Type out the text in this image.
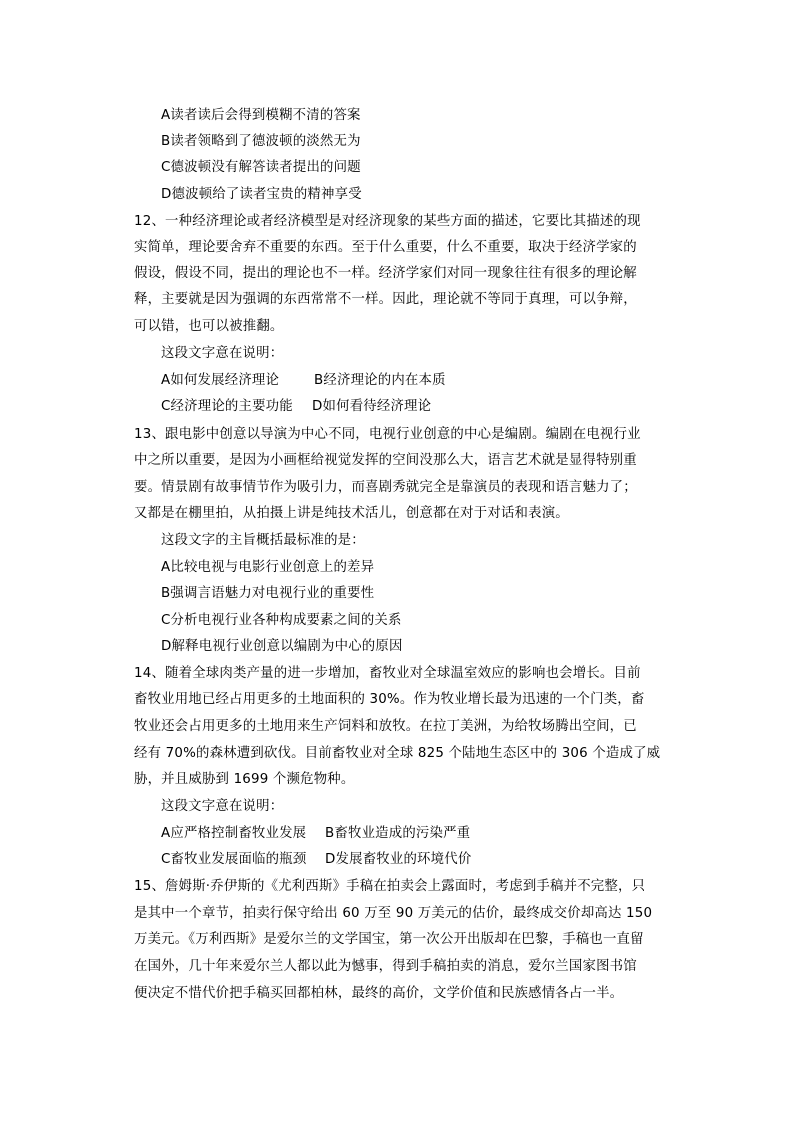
A读者读后会得到模糊不清的答案
B读者领略到了德波顿的淡然无为
C德波顿没有解答读者提出的问题
D德波顿给了读者宝贵的精神享受
12、一种经济理论或者经济模型是对经济现象的某些方面的描述，它要比其描述的现
实简单，理论要舍弃不重要的东西。至于什么重要，什么不重要，取决于经济学家的
假设，假设不同，提出的理论也不一样。经济学家们对同一现象往往有很多的理论解
释，主要就是因为强调的东西常常不一样。因此，理论就不等同于真理，可以争辩，
可以错，也可以被推翻。
这段文字意在说明：
A如何发展经济理论	B经济理论的内在本质
C经济理论的主要功能 D如何看待经济理论
13、跟电影中创意以导演为中心不同，电视行业创意的中心是编剧。编剧在电视行业
中之所以重要，是因为小画框给视觉发挥的空间没那么大，语言艺术就是显得特别重
要。情景剧有故事情节作为吸引力，而喜剧秀就完全是靠演员的表现和语言魅力了；
又都是在棚里拍，从拍摄上讲是纯技术活儿，创意都在对于对话和表演。
这段文字的主旨概括最标准的是：
A比较电视与电影行业创意上的差异
B强调言语魅力对电视行业的重要性
C分析电视行业各种构成要素之间的关系
D解释电视行业创意以编剧为中心的原因
14、随着全球肉类产量的进一步增加，畜牧业对全球温室效应的影响也会增长。目前
畜牧业用地已经占用更多的土地面积的 30%。作为牧业增长最为迅速的一个门类，畜
牧业还会占用更多的土地用来生产饲料和放牧。在拉丁美洲，为给牧场腾出空间，已
经有 70%的森林遭到砍伐。目前畜牧业对全球 825 个陆地生态区中的 306 个造成了威
胁，并且威胁到 1699 个濒危物种。
这段文字意在说明：
A应严格控制畜牧业发展 B畜牧业造成的污染严重
C畜牧业发展面临的瓶颈 D发展畜牧业的环境代价
15、詹姆斯·乔伊斯的《尤利西斯》手稿在拍卖会上露面时，考虑到手稿并不完整，只
是其中一个章节，拍卖行保守给出 60 万至 90 万美元的估价，最终成交价却高达 150
万美元。《万利西斯》是爱尔兰的文学国宝，第一次公开出版却在巴黎，手稿也一直留
在国外，几十年来爱尔兰人都以此为憾事，得到手稿拍卖的消息，爱尔兰国家图书馆
便决定不惜代价把手稿买回都柏林，最终的高价，文学价值和民族感情各占一半。
